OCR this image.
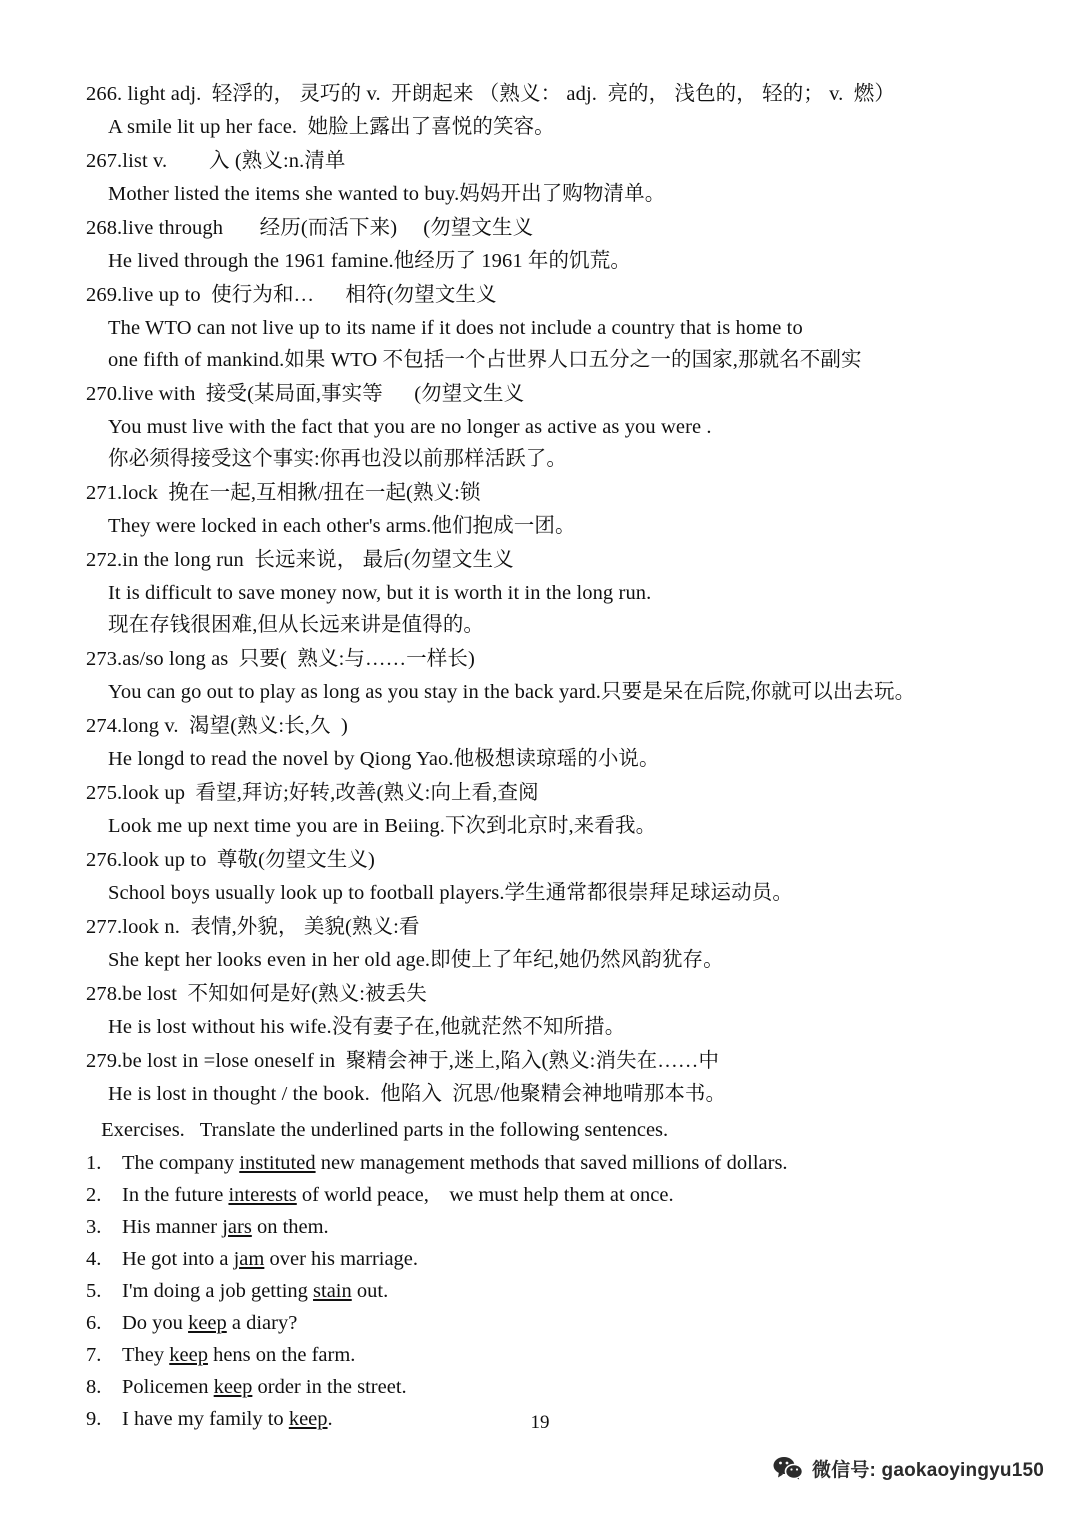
266. light adj.  轻浮的， 灵巧的 v.  开朗起来 （熟义： adj.  亮的， 浅色的， 轻的； v.  燃）
A smile lit up her face.  她脸上露出了喜悦的笑容。
267.list v.        入 (熟义:n.清单
Mother listed the items she wanted to buy.妈妈开出了购物清单。
268.live through       经历(而活下来)     (勿望文生义
He lived through the 1961 famine.他经历了 1961 年的饥荒。
269.live up to  使行为和…      相符(勿望文生义
The WTO can not live up to its name if it does not include a country that is home to
one fifth of mankind.如果 WTO 不包括一个占世界人口五分之一的国家,那就名不副实
270.live with  接受(某局面,事实等      (勿望文生义
You must live with the fact that you are no longer as active as you were .
你必须得接受这个事实:你再也没以前那样活跃了。
271.lock  挽在一起,互相揪/扭在一起(熟义:锁
They were locked in each other's arms.他们抱成一团。
272.in the long run  长远来说， 最后(勿望文生义
It is difficult to save money now, but it is worth it in the long run.
现在存钱很困难,但从长远来讲是值得的。
273.as/so long as  只要(  熟义:与……一样长)
You can go out to play as long as you stay in the back yard.只要是呆在后院,你就可以出去玩。
274.long v.  渴望(熟义:长,久  )
He longd to read the novel by Qiong Yao.他极想读琼瑶的小说。
275.look up  看望,拜访;好转,改善(熟义:向上看,查阅
Look me up next time you are in Beiing.下次到北京时,来看我。
276.look up to  尊敬(勿望文生义)
School boys usually look up to football players.学生通常都很崇拜足球运动员。
277.look n.  表情,外貌， 美貌(熟义:看
She kept her looks even in her old age.即使上了年纪,她仍然风韵犹存。
278.be lost  不知如何是好(熟义:被丢失
He is lost without his wife.没有妻子在,他就茫然不知所措。
279.be lost in =lose oneself in  聚精会神于,迷上,陷入(熟义:消失在……中
He is lost in thought / the book.  他陷入  沉思/他聚精会神地啃那本书。
Exercises.   Translate the underlined parts in the following sentences.
1. The company instituted new management methods that saved millions of dollars.
2. In the future interests of world peace,    we must help them at once.
3. His manner jars on them.
4. He got into a jam over his marriage.
5. I'm doing a job getting stain out.
6. Do you keep a diary?
7. They keep hens on the farm.
8. Policemen keep order in the street.
9. I have my family to keep.	19
微信号: gaokaoyingyu150
